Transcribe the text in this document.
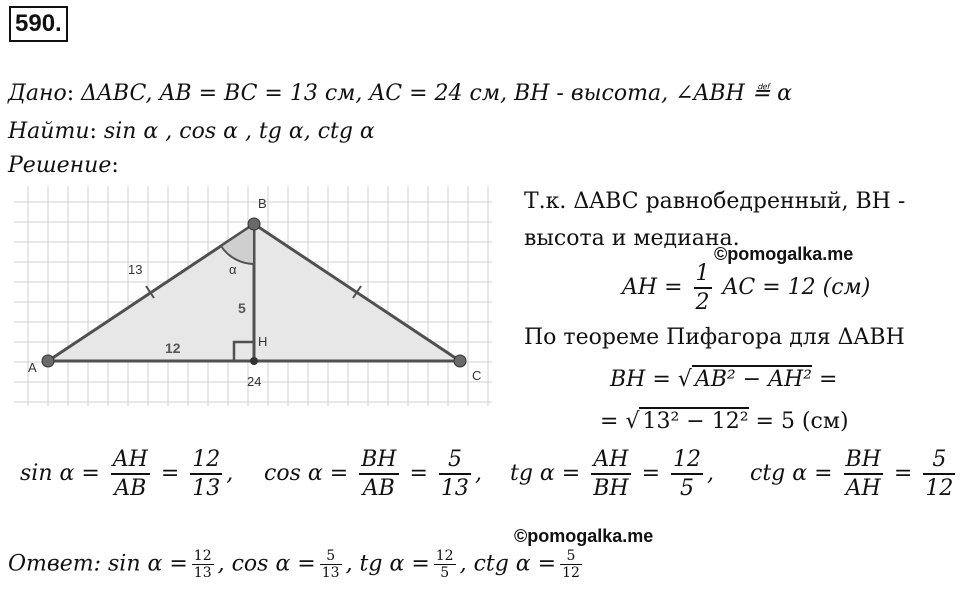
590.
Дано: ΔABC, AB = BC = 13 см, AC = 24 см, BH - высота, ∠ABH ≝ α
Найти: sin α , cos α , tg α, ctg α
Решение:
A
B
C
H
13
12
5
24
α
Т.к. ΔABC равнобедренный, BH -
высота и медиана.
©pomogalka.me
AH = $\frac{1}{2}$ AC = 12 (см)
По теореме Пифагора для ΔABH
BH = √ AB² − AH² =
= √ 13² − 12² = 5 (см)
$\sin \alpha = \frac{AH}{AB} = \frac{12}{13}$ , $\cos \alpha = \frac{BH}{AB} = \frac{5}{13}$ , tg $\alpha = \frac{AH}{BH} = \frac{12}{5}$ , ctg $\alpha = \frac{BH}{AH} = \frac{5}{12}$
©pomogalka.me
Ответ: $\sin \alpha = \frac{12}{13}$ , $\cos \alpha = \frac{5}{13}$ , tg $\alpha = \frac{12}{5}$ , ctg $\alpha = \frac{5}{12}$
